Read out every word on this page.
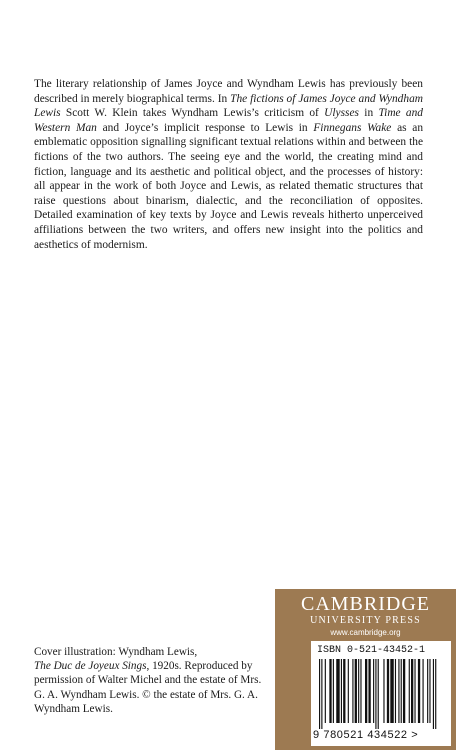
The literary relationship of James Joyce and Wyndham Lewis has previously been described in merely biographical terms. In The fictions of James Joyce and Wyndham Lewis Scott W. Klein takes Wyndham Lewis’s criticism of Ulysses in Time and Western Man and Joyce’s implicit response to Lewis in Finnegans Wake as an emblematic opposition signalling significant textual relations within and between the fictions of the two authors. The seeing eye and the world, the creating mind and fiction, language and its aesthetic and political object, and the processes of history: all appear in the work of both Joyce and Lewis, as related thematic structures that raise questions about binarism, dialectic, and the reconciliation of opposites. Detailed examination of key texts by Joyce and Lewis reveals hitherto unperceived affiliations between the two writers, and offers new insight into the politics and aesthetics of modernism.
Cover illustration: Wyndham Lewis,
The Duc de Joyeux Sings, 1920s. Reproduced by permission of Walter Michel and the estate of Mrs. G. A. Wyndham Lewis. © the estate of Mrs. G. A. Wyndham Lewis.
CAMBRIDGE
UNIVERSITY PRESS
www.cambridge.org
ISBN 0-521-43452-1
9 780521 434522 >
